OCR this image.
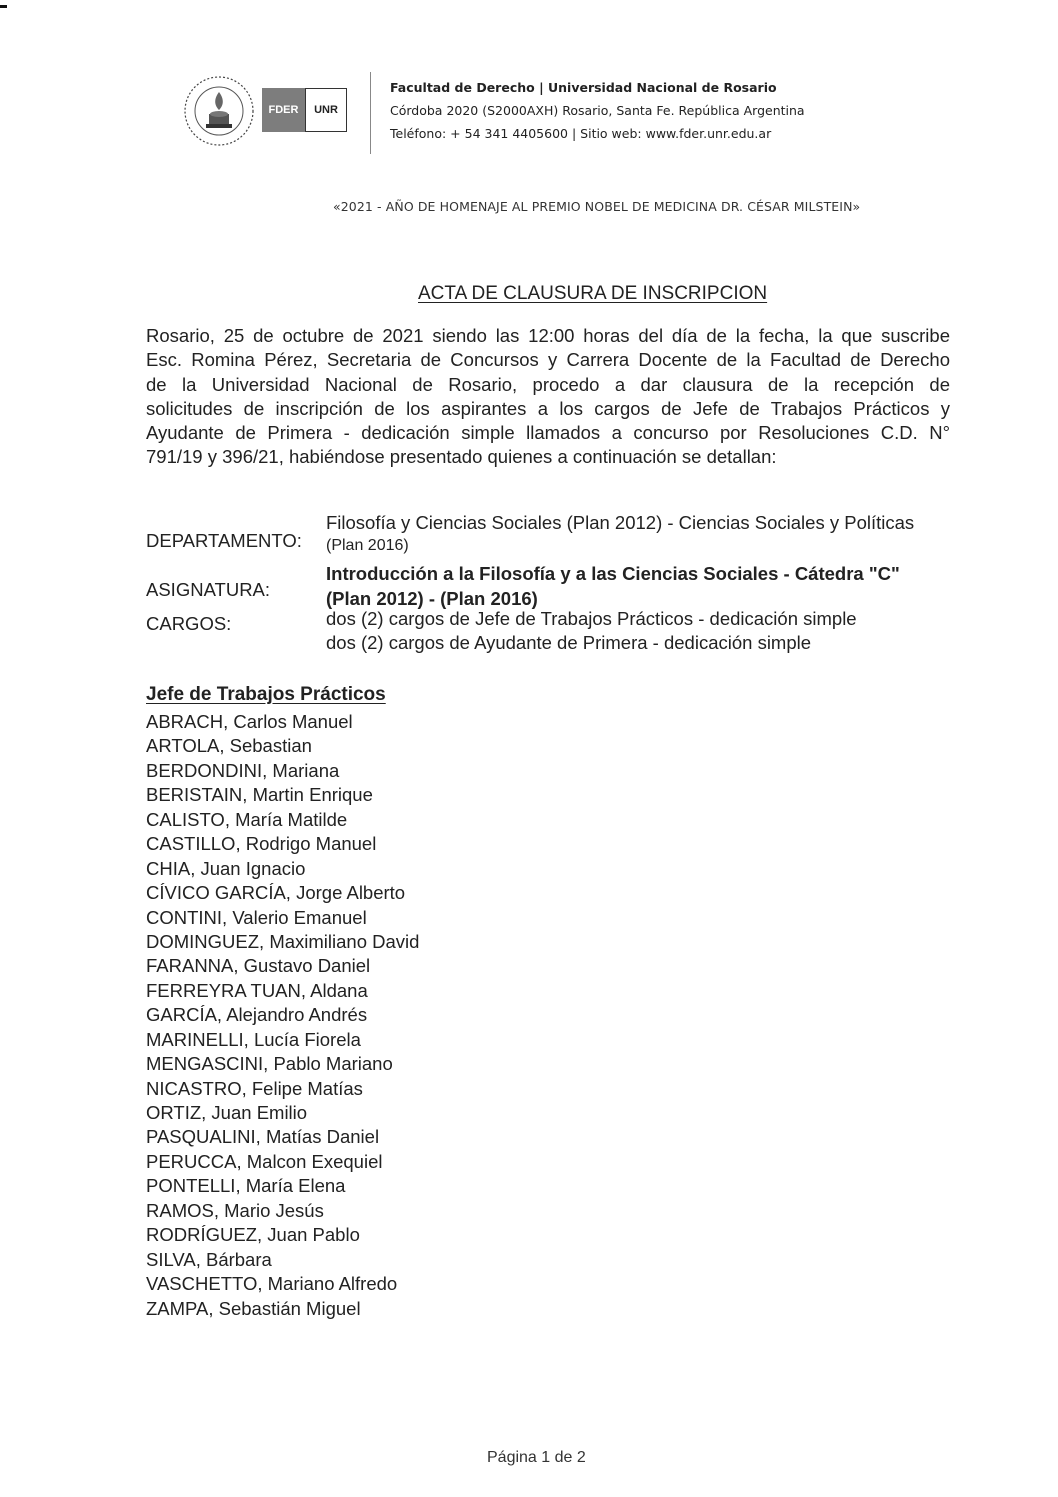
FDER	UNR
Facultad de Derecho | Universidad Nacional de Rosario
Córdoba 2020 (S2000AXH) Rosario, Santa Fe. República Argentina
Teléfono: + 54 341 4405600 | Sitio web: www.fder.unr.edu.ar
«2021 - AÑO DE HOMENAJE AL PREMIO NOBEL DE MEDICINA DR. CÉSAR MILSTEIN»
ACTA DE CLAUSURA DE INSCRIPCION
Rosario, 25 de octubre de 2021 siendo las 12:00 horas del día de la fecha, la que suscribe
Esc. Romina Pérez, Secretaria de Concursos y Carrera Docente de la Facultad de Derecho
de la Universidad Nacional de Rosario, procedo a dar clausura de la recepción de
solicitudes de inscripción de los aspirantes a los cargos de Jefe de Trabajos Prácticos y
Ayudante de Primera - dedicación simple llamados a concurso por Resoluciones C.D. N°
791/19 y 396/21, habiéndose presentado quienes a continuación se detallan:
DEPARTAMENTO:
Filosofía y Ciencias Sociales (Plan 2012) - Ciencias Sociales y Políticas
(Plan 2016)
ASIGNATURA:
Introducción a la Filosofía y a las Ciencias Sociales - Cátedra "C"
(Plan 2012) - (Plan 2016)
CARGOS:	dos (2) cargos de Jefe de Trabajos Prácticos - dedicación simple
dos (2) cargos de Ayudante de Primera - dedicación simple
Jefe de Trabajos Prácticos
ABRACH, Carlos Manuel
ARTOLA, Sebastian
BERDONDINI, Mariana
BERISTAIN, Martin Enrique
CALISTO, María Matilde
CASTILLO, Rodrigo Manuel
CHIA, Juan Ignacio
CÍVICO GARCÍA, Jorge Alberto
CONTINI, Valerio Emanuel
DOMINGUEZ, Maximiliano David
FARANNA, Gustavo Daniel
FERREYRA TUAN, Aldana
GARCÍA, Alejandro Andrés
MARINELLI, Lucía Fiorela
MENGASCINI, Pablo Mariano
NICASTRO, Felipe Matías
ORTIZ, Juan Emilio
PASQUALINI, Matías Daniel
PERUCCA, Malcon Exequiel
PONTELLI, María Elena
RAMOS, Mario Jesús
RODRÍGUEZ, Juan Pablo
SILVA, Bárbara
VASCHETTO, Mariano Alfredo
ZAMPA, Sebastián Miguel
Página 1 de 2
